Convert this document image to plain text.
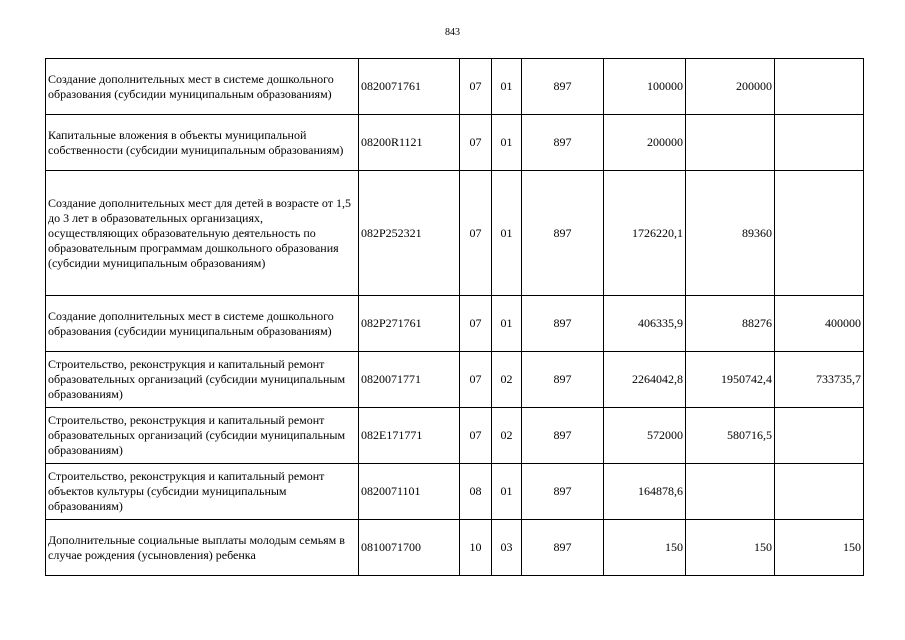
843
Создание дополнительных мест в системе дошкольного образования (субсидии муниципальным образованиям)	0820071761	07	01	897	100000	200000	
Капитальные вложения в объекты муниципальной собственности (субсидии муниципальным образованиям)	08200R1121	07	01	897	200000		
Создание дополнительных мест для детей в возрасте от 1,5 до 3 лет в образовательных организациях, осуществляющих образовательную деятельность по образовательным программам дошкольного образования (субсидии муниципальным образованиям)	082P252321	07	01	897	1726220,1	89360	
Создание дополнительных мест в системе дошкольного образования (субсидии муниципальным образованиям)	082P271761	07	01	897	406335,9	88276	400000
Строительство, реконструкция и капитальный ремонт образовательных организаций (субсидии муниципальным образованиям)	0820071771	07	02	897	2264042,8	1950742,4	733735,7
Строительство, реконструкция и капитальный ремонт образовательных организаций (субсидии муниципальным образованиям)	082E171771	07	02	897	572000	580716,5	
Строительство, реконструкция и капитальный ремонт объектов культуры (субсидии муниципальным образованиям)	0820071101	08	01	897	164878,6		
Дополнительные социальные выплаты молодым семьям в случае рождения (усыновления) ребенка	0810071700	10	03	897	150	150	150
